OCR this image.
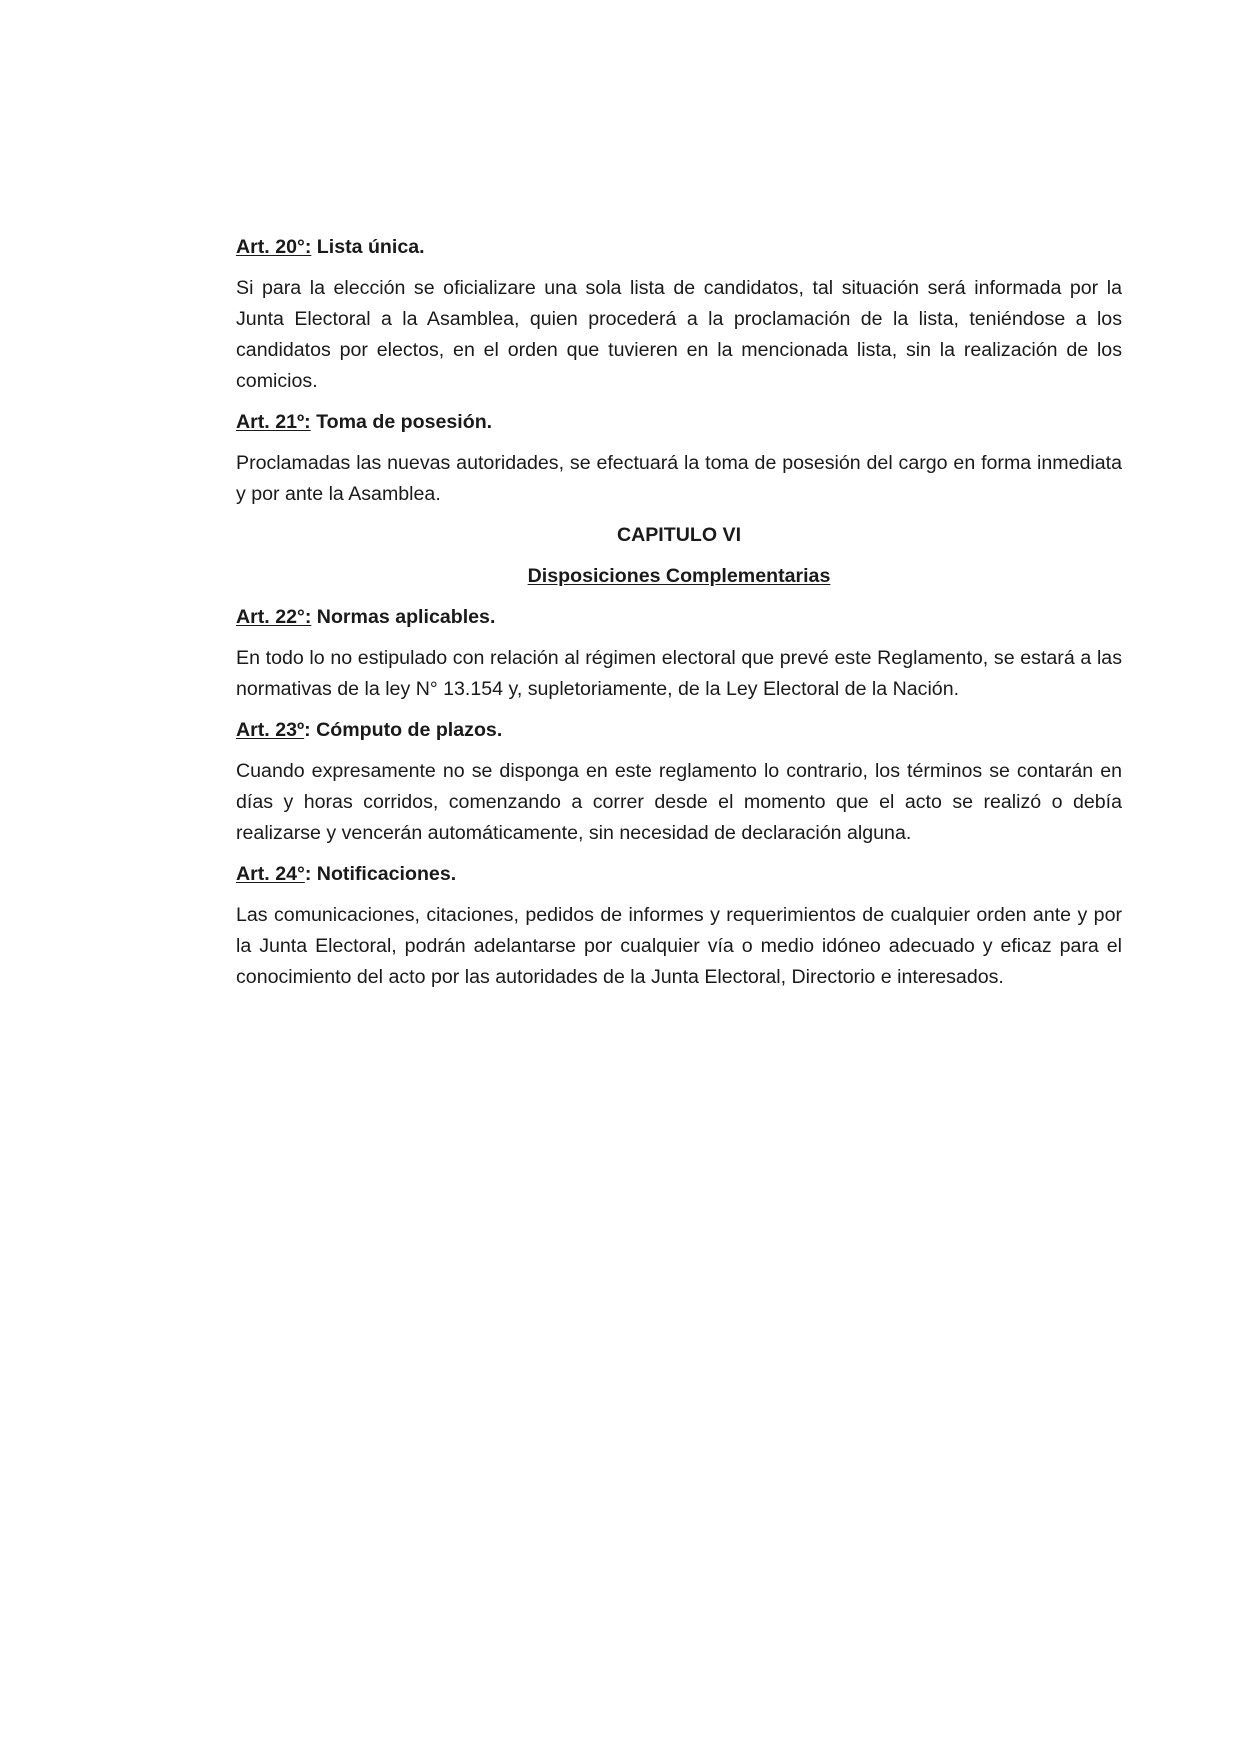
Art. 20°: Lista única.

Si para la elección se oficializare una sola lista de candidatos, tal situación será informada por la Junta Electoral a la Asamblea, quien procederá a la proclamación de la lista, teniéndose a los candidatos por electos, en el orden que tuvieren en la mencionada lista, sin la realización de los comicios.

Art. 21º: Toma de posesión.

Proclamadas las nuevas autoridades, se efectuará la toma de posesión del cargo en forma inmediata y por ante la Asamblea.

CAPITULO VI

Disposiciones Complementarias

Art. 22°: Normas aplicables.

En todo lo no estipulado con relación al régimen electoral que prevé este Reglamento, se estará a las normativas de la ley N° 13.154 y, supletoriamente, de la Ley Electoral de la Nación.

Art. 23º: Cómputo de plazos.

Cuando expresamente no se disponga en este reglamento lo contrario, los términos se contarán en días y horas corridos, comenzando a correr desde el momento que el acto se realizó o debía realizarse y vencerán automáticamente, sin necesidad de declaración alguna.

Art. 24°: Notificaciones.

Las comunicaciones, citaciones, pedidos de informes y requerimientos de cualquier orden ante y por la Junta Electoral, podrán adelantarse por cualquier vía o medio idóneo adecuado y eficaz para el conocimiento del acto por las autoridades de la Junta Electoral, Directorio e interesados.
